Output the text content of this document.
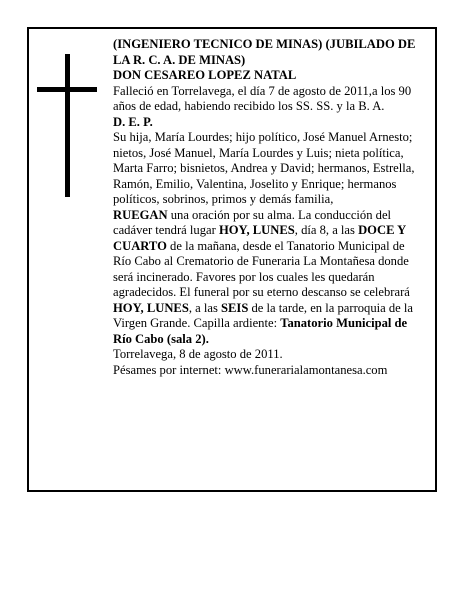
(INGENIERO TECNICO DE MINAS) (JUBILADO DE LA R. C. A. DE MINAS)

DON CESAREO LOPEZ NATAL

Falleció en Torrelavega, el día 7 de agosto de 2011,a los 90 años de edad, habiendo recibido los SS. SS. y la B. A.

D. E. P.

Su hija, María Lourdes; hijo político, José Manuel Arnesto; nietos, José Manuel, María Lourdes y Luis; nieta política, Marta Farro; bisnietos, Andrea y David; hermanos, Estrella, Ramón, Emilio, Valentina, Joselito y Enrique; hermanos políticos, sobrinos, primos y demás familia,

RUEGAN una oración por su alma. La conducción del cadáver tendrá lugar HOY, LUNES, día 8, a las DOCE Y CUARTO de la mañana, desde el Tanatorio Municipal de Río Cabo al Crematorio de Funeraria La Montañesa donde será incinerado. Favores por los cuales les quedarán agradecidos. El funeral por su eterno descanso se celebrará HOY, LUNES, a las SEIS de la tarde, en la parroquia de la Virgen Grande. Capilla ardiente: Tanatorio Municipal de Río Cabo (sala 2).

Torrelavega, 8 de agosto de 2011.

Pésames por internet: www.funerarialamontanesa.com
